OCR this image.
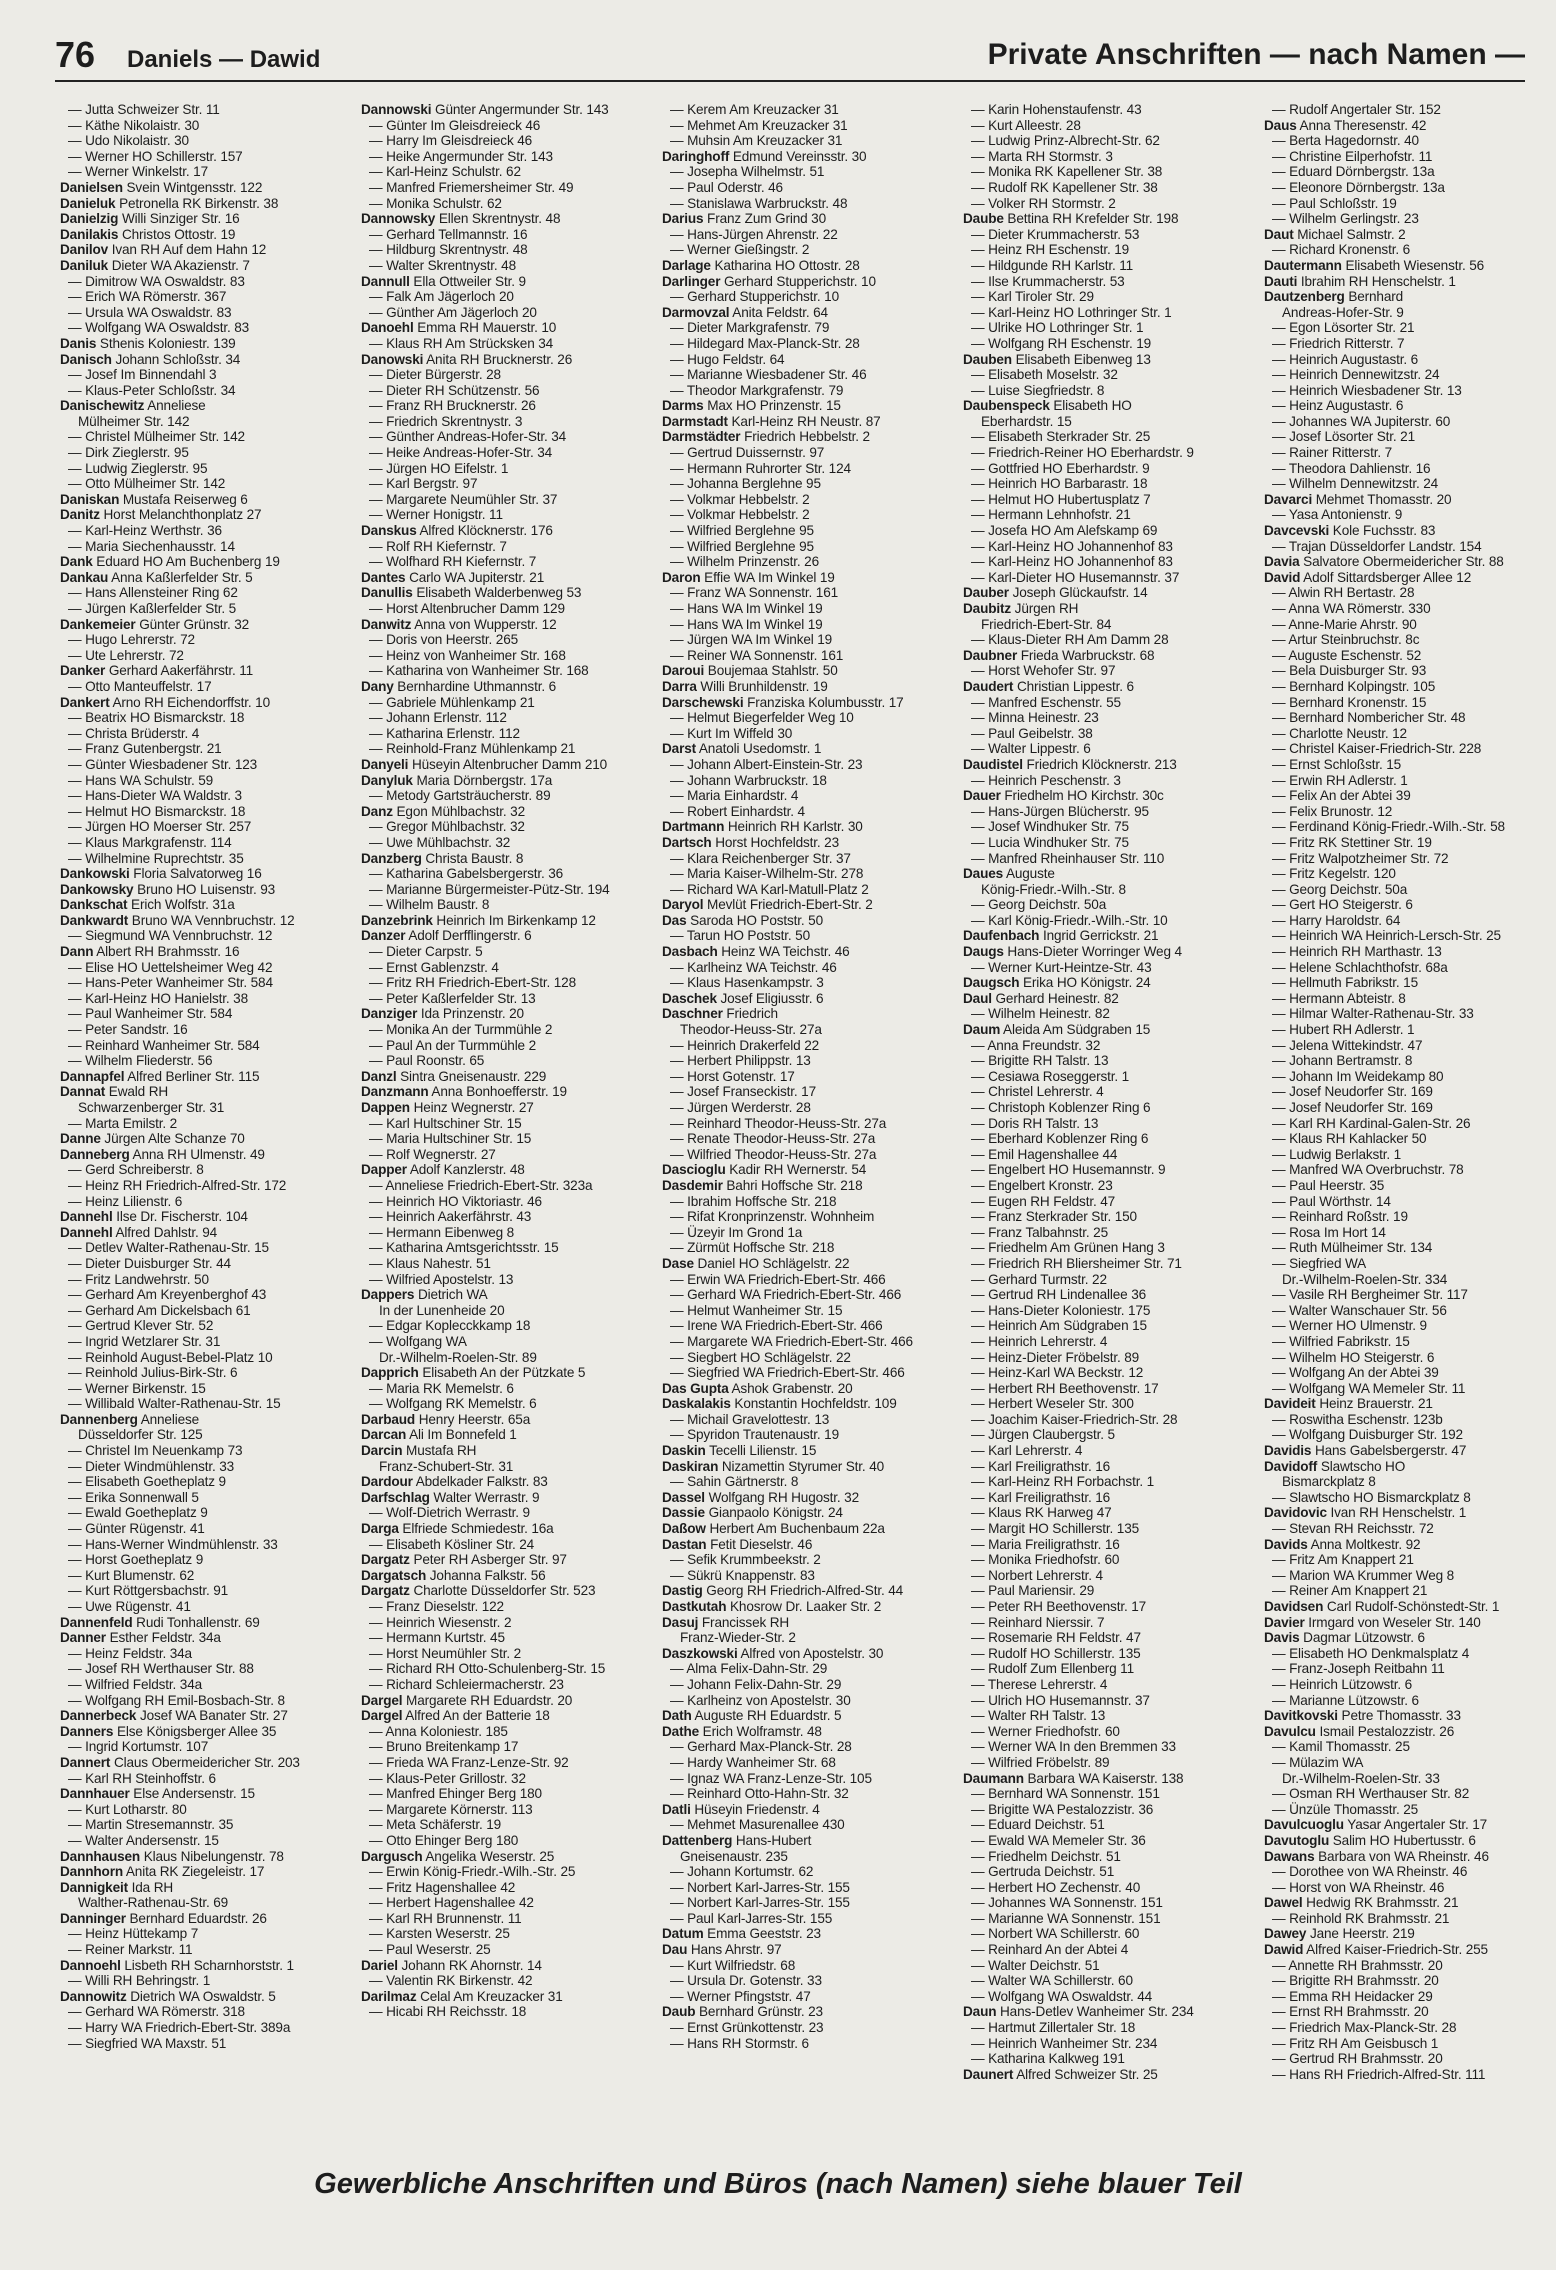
76 Daniels — Dawid	Private Anschriften — nach Namen —
— Jutta Schweizer Str. 11
— Käthe Nikolaistr. 30
— Udo Nikolaistr. 30
— Werner HO Schillerstr. 157
— Werner Winkelstr. 17
Danielsen Svein Wintgensstr. 122
Danieluk Petronella RK Birkenstr. 38
Danielzig Willi Sinziger Str. 16
Danilakis Christos Ottostr. 19
Danilov Ivan RH Auf dem Hahn 12
Daniluk Dieter WA Akazienstr. 7
— Dimitrow WA Oswaldstr. 83
— Erich WA Römerstr. 367
— Ursula WA Oswaldstr. 83
— Wolfgang WA Oswaldstr. 83
Danis Sthenis Koloniestr. 139
Danisch Johann Schloßstr. 34
— Josef Im Binnendahl 3
— Klaus-Peter Schloßstr. 34
Danischewitz Anneliese
Mülheimer Str. 142
— Christel Mülheimer Str. 142
— Dirk Zieglerstr. 95
— Ludwig Zieglerstr. 95
— Otto Mülheimer Str. 142
Daniskan Mustafa Reiserweg 6
Danitz Horst Melanchthonplatz 27
— Karl-Heinz Werthstr. 36
— Maria Siechenhausstr. 14
Dank Eduard HO Am Buchenberg 19
Dankau Anna Kaßlerfelder Str. 5
— Hans Allensteiner Ring 62
— Jürgen Kaßlerfelder Str. 5
Dankemeier Günter Grünstr. 32
— Hugo Lehrerstr. 72
— Ute Lehrerstr. 72
Danker Gerhard Aakerfährstr. 11
— Otto Manteuffelstr. 17
Dankert Arno RH Eichendorffstr. 10
— Beatrix HO Bismarckstr. 18
— Christa Brüderstr. 4
— Franz Gutenbergstr. 21
— Günter Wiesbadener Str. 123
— Hans WA Schulstr. 59
— Hans-Dieter WA Waldstr. 3
— Helmut HO Bismarckstr. 18
— Jürgen HO Moerser Str. 257
— Klaus Markgrafenstr. 114
— Wilhelmine Ruprechtstr. 35
Dankowski Floria Salvatorweg 16
Dankowsky Bruno HO Luisenstr. 93
Dankschat Erich Wolfstr. 31a
Dankwardt Bruno WA Vennbruchstr. 12
— Siegmund WA Vennbruchstr. 12
Dann Albert RH Brahmsstr. 16
— Elise HO Uettelsheimer Weg 42
— Hans-Peter Wanheimer Str. 584
— Karl-Heinz HO Hanielstr. 38
— Paul Wanheimer Str. 584
— Peter Sandstr. 16
— Reinhard Wanheimer Str. 584
— Wilhelm Fliederstr. 56
Dannapfel Alfred Berliner Str. 115
Dannat Ewald RH
Schwarzenberger Str. 31
— Marta Emilstr. 2
Danne Jürgen Alte Schanze 70
Danneberg Anna RH Ulmenstr. 49
— Gerd Schreiberstr. 8
— Heinz RH Friedrich-Alfred-Str. 172
— Heinz Lilienstr. 6
Dannehl Ilse Dr. Fischerstr. 104
Dannehl Alfred Dahlstr. 94
— Detlev Walter-Rathenau-Str. 15
— Dieter Duisburger Str. 44
— Fritz Landwehrstr. 50
— Gerhard Am Kreyenberghof 43
— Gerhard Am Dickelsbach 61
— Gertrud Klever Str. 52
— Ingrid Wetzlarer Str. 31
— Reinhold August-Bebel-Platz 10
— Reinhold Julius-Birk-Str. 6
— Werner Birkenstr. 15
— Willibald Walter-Rathenau-Str. 15
Dannenberg Anneliese
Düsseldorfer Str. 125
— Christel Im Neuenkamp 73
— Dieter Windmühlenstr. 33
— Elisabeth Goetheplatz 9
— Erika Sonnenwall 5
— Ewald Goetheplatz 9
— Günter Rügenstr. 41
— Hans-Werner Windmühlenstr. 33
— Horst Goetheplatz 9
— Kurt Blumenstr. 62
— Kurt Röttgersbachstr. 91
— Uwe Rügenstr. 41
Dannenfeld Rudi Tonhallenstr. 69
Danner Esther Feldstr. 34a
— Heinz Feldstr. 34a
— Josef RH Werthauser Str. 88
— Wilfried Feldstr. 34a
— Wolfgang RH Emil-Bosbach-Str. 8
Dannerbeck Josef WA Banater Str. 27
Danners Else Königsberger Allee 35
— Ingrid Kortumstr. 107
Dannert Claus Obermeidericher Str. 203
— Karl RH Steinhoffstr. 6
Dannhauer Else Andersenstr. 15
— Kurt Lotharstr. 80
— Martin Stresemannstr. 35
— Walter Andersenstr. 15
Dannhausen Klaus Nibelungenstr. 78
Dannhorn Anita RK Ziegeleistr. 17
Dannigkeit Ida RH
Walther-Rathenau-Str. 69
Danninger Bernhard Eduardstr. 26
— Heinz Hüttekamp 7
— Reiner Markstr. 11
Dannoehl Lisbeth RH Scharnhorststr. 1
— Willi RH Behringstr. 1
Dannowitz Dietrich WA Oswaldstr. 5
— Gerhard WA Römerstr. 318
— Harry WA Friedrich-Ebert-Str. 389a
— Siegfried WA Maxstr. 51
Dannowski Günter Angermunder Str. 143
— Günter Im Gleisdreieck 46
— Harry Im Gleisdreieck 46
— Heike Angermunder Str. 143
— Karl-Heinz Schulstr. 62
— Manfred Friemersheimer Str. 49
— Monika Schulstr. 62
Dannowsky Ellen Skrentnystr. 48
— Gerhard Tellmannstr. 16
— Hildburg Skrentnystr. 48
— Walter Skrentnystr. 48
Dannull Ella Ottweiler Str. 9
— Falk Am Jägerloch 20
— Günther Am Jägerloch 20
Danoehl Emma RH Mauerstr. 10
— Klaus RH Am Strücksken 34
Danowski Anita RH Brucknerstr. 26
— Dieter Bürgerstr. 28
— Dieter RH Schützenstr. 56
— Franz RH Brucknerstr. 26
— Friedrich Skrentnystr. 3
— Günther Andreas-Hofer-Str. 34
— Heike Andreas-Hofer-Str. 34
— Jürgen HO Eifelstr. 1
— Karl Bergstr. 97
— Margarete Neumühler Str. 37
— Werner Honigstr. 11
Danskus Alfred Klöcknerstr. 176
— Rolf RH Kiefernstr. 7
— Wolfhard RH Kiefernstr. 7
Dantes Carlo WA Jupiterstr. 21
Danullis Elisabeth Walderbenweg 53
— Horst Altenbrucher Damm 129
Danwitz Anna von Wupperstr. 12
— Doris von Heerstr. 265
— Heinz von Wanheimer Str. 168
— Katharina von Wanheimer Str. 168
Dany Bernhardine Uthmannstr. 6
— Gabriele Mühlenkamp 21
— Johann Erlenstr. 112
— Katharina Erlenstr. 112
— Reinhold-Franz Mühlenkamp 21
Danyeli Hüseyin Altenbrucher Damm 210
Danyluk Maria Dörnbergstr. 17a
— Metody Gartsträucherstr. 89
Danz Egon Mühlbachstr. 32
— Gregor Mühlbachstr. 32
— Uwe Mühlbachstr. 32
Danzberg Christa Baustr. 8
— Katharina Gabelsbergerstr. 36
— Marianne Bürgermeister-Pütz-Str. 194
— Wilhelm Baustr. 8
Danzebrink Heinrich Im Birkenkamp 12
Danzer Adolf Derfflingerstr. 6
— Dieter Carpstr. 5
— Ernst Gablenzstr. 4
— Fritz RH Friedrich-Ebert-Str. 128
— Peter Kaßlerfelder Str. 13
Danziger Ida Prinzenstr. 20
— Monika An der Turmmühle 2
— Paul An der Turmmühle 2
— Paul Roonstr. 65
Danzl Sintra Gneisenaustr. 229
Danzmann Anna Bonhoefferstr. 19
Dappen Heinz Wegnerstr. 27
— Karl Hultschiner Str. 15
— Maria Hultschiner Str. 15
— Rolf Wegnerstr. 27
Dapper Adolf Kanzlerstr. 48
— Anneliese Friedrich-Ebert-Str. 323a
— Heinrich HO Viktoriastr. 46
— Heinrich Aakerfährstr. 43
— Hermann Eibenweg 8
— Katharina Amtsgerichtsstr. 15
— Klaus Nahestr. 51
— Wilfried Apostelstr. 13
Dappers Dietrich WA
In der Lunenheide 20
— Edgar Koplecckkamp 18
— Wolfgang WA
Dr.-Wilhelm-Roelen-Str. 89
Dapprich Elisabeth An der Pützkate 5
— Maria RK Memelstr. 6
— Wolfgang RK Memelstr. 6
Darbaud Henry Heerstr. 65a
Darcan Ali Im Bonnefeld 1
Darcin Mustafa RH
Franz-Schubert-Str. 31
Dardour Abdelkader Falkstr. 83
Darfschlag Walter Werrastr. 9
— Wolf-Dietrich Werrastr. 9
Darga Elfriede Schmiedestr. 16a
— Elisabeth Kösliner Str. 24
Dargatz Peter RH Asberger Str. 97
Dargatsch Johanna Falkstr. 56
Dargatz Charlotte Düsseldorfer Str. 523
— Franz Dieselstr. 122
— Heinrich Wiesenstr. 2
— Hermann Kurtstr. 45
— Horst Neumühler Str. 2
— Richard RH Otto-Schulenberg-Str. 15
— Richard Schleiermacherstr. 23
Dargel Margarete RH Eduardstr. 20
Dargel Alfred An der Batterie 18
— Anna Koloniestr. 185
— Bruno Breitenkamp 17
— Frieda WA Franz-Lenze-Str. 92
— Klaus-Peter Grillostr. 32
— Manfred Ehinger Berg 180
— Margarete Körnerstr. 113
— Meta Schäferstr. 19
— Otto Ehinger Berg 180
Dargusch Angelika Weserstr. 25
— Erwin König-Friedr.-Wilh.-Str. 25
— Fritz Hagenshallee 42
— Herbert Hagenshallee 42
— Karl RH Brunnenstr. 11
— Karsten Weserstr. 25
— Paul Weserstr. 25
Dariel Johann RK Ahornstr. 14
— Valentin RK Birkenstr. 42
Darilmaz Celal Am Kreuzacker 31
— Hicabi RH Reichsstr. 18
— Kerem Am Kreuzacker 31
— Mehmet Am Kreuzacker 31
— Muhsin Am Kreuzacker 31
Daringhoff Edmund Vereinsstr. 30
— Josepha Wilhelmstr. 51
— Paul Oderstr. 46
— Stanislawa Warbruckstr. 48
Darius Franz Zum Grind 30
— Hans-Jürgen Ahrenstr. 22
— Werner Gießingstr. 2
Darlage Katharina HO Ottostr. 28
Darlinger Gerhard Stupperichstr. 10
— Gerhard Stupperichstr. 10
Darmovzal Anita Feldstr. 64
— Dieter Markgrafenstr. 79
— Hildegard Max-Planck-Str. 28
— Hugo Feldstr. 64
— Marianne Wiesbadener Str. 46
— Theodor Markgrafenstr. 79
Darms Max HO Prinzenstr. 15
Darmstadt Karl-Heinz RH Neustr. 87
Darmstädter Friedrich Hebbelstr. 2
— Gertrud Duissernstr. 97
— Hermann Ruhrorter Str. 124
— Johanna Berglehne 95
— Volkmar Hebbelstr. 2
— Volkmar Hebbelstr. 2
— Wilfried Berglehne 95
— Wilfried Berglehne 95
— Wilhelm Prinzenstr. 26
Daron Effie WA Im Winkel 19
— Franz WA Sonnenstr. 161
— Hans WA Im Winkel 19
— Hans WA Im Winkel 19
— Jürgen WA Im Winkel 19
— Reiner WA Sonnenstr. 161
Daroui Boujemaa Stahlstr. 50
Darra Willi Brunhildenstr. 19
Darschewski Franziska Kolumbusstr. 17
— Helmut Biegerfelder Weg 10
— Kurt Im Wiffeld 30
Darst Anatoli Usedomstr. 1
— Johann Albert-Einstein-Str. 23
— Johann Warbruckstr. 18
— Maria Einhardstr. 4
— Robert Einhardstr. 4
Dartmann Heinrich RH Karlstr. 30
Dartsch Horst Hochfeldstr. 23
— Klara Reichenberger Str. 37
— Maria Kaiser-Wilhelm-Str. 278
— Richard WA Karl-Matull-Platz 2
Daryol Mevlüt Friedrich-Ebert-Str. 2
Das Saroda HO Poststr. 50
— Tarun HO Poststr. 50
Dasbach Heinz WA Teichstr. 46
— Karlheinz WA Teichstr. 46
— Klaus Hasenkampstr. 3
Daschek Josef Eligiusstr. 6
Daschner Friedrich
Theodor-Heuss-Str. 27a
— Heinrich Drakerfeld 22
— Herbert Philippstr. 13
— Horst Gotenstr. 17
— Josef Franseckistr. 17
— Jürgen Werderstr. 28
— Reinhard Theodor-Heuss-Str. 27a
— Renate Theodor-Heuss-Str. 27a
— Wilfried Theodor-Heuss-Str. 27a
Dascioglu Kadir RH Wernerstr. 54
Dasdemir Bahri Hoffsche Str. 218
— Ibrahim Hoffsche Str. 218
— Rifat Kronprinzenstr. Wohnheim
— Üzeyir Im Grond 1a
— Zürmüt Hoffsche Str. 218
Dase Daniel HO Schlägelstr. 22
— Erwin WA Friedrich-Ebert-Str. 466
— Gerhard WA Friedrich-Ebert-Str. 466
— Helmut Wanheimer Str. 15
— Irene WA Friedrich-Ebert-Str. 466
— Margarete WA Friedrich-Ebert-Str. 466
— Siegbert HO Schlägelstr. 22
— Siegfried WA Friedrich-Ebert-Str. 466
Das Gupta Ashok Grabenstr. 20
Daskalakis Konstantin Hochfeldstr. 109
— Michail Gravelottestr. 13
— Spyridon Trautenaustr. 19
Daskin Tecelli Lilienstr. 15
Daskiran Nizamettin Styrumer Str. 40
— Sahin Gärtnerstr. 8
Dassel Wolfgang RH Hugostr. 32
Dassie Gianpaolo Königstr. 24
Daßow Herbert Am Buchenbaum 22a
Dastan Fetit Dieselstr. 46
— Sefik Krummbeekstr. 2
— Sükrü Knappenstr. 83
Dastig Georg RH Friedrich-Alfred-Str. 44
Dastkutah Khosrow Dr. Laaker Str. 2
Dasuj Francissek RH
Franz-Wieder-Str. 2
Daszkowski Alfred von Apostelstr. 30
— Alma Felix-Dahn-Str. 29
— Johann Felix-Dahn-Str. 29
— Karlheinz von Apostelstr. 30
Dath Auguste RH Eduardstr. 5
Dathe Erich Wolframstr. 48
— Gerhard Max-Planck-Str. 28
— Hardy Wanheimer Str. 68
— Ignaz WA Franz-Lenze-Str. 105
— Reinhard Otto-Hahn-Str. 32
Datli Hüseyin Friedenstr. 4
— Mehmet Masurenallee 430
Dattenberg Hans-Hubert
Gneisenaustr. 235
— Johann Kortumstr. 62
— Norbert Karl-Jarres-Str. 155
— Norbert Karl-Jarres-Str. 155
— Paul Karl-Jarres-Str. 155
Datum Emma Geeststr. 23
Dau Hans Ahrstr. 97
— Kurt Wilfriedstr. 68
— Ursula Dr. Gotenstr. 33
— Werner Pfingststr. 47
Daub Bernhard Grünstr. 23
— Ernst Grünkottenstr. 23
— Hans RH Stormstr. 6
— Karin Hohenstaufenstr. 43
— Kurt Alleestr. 28
— Ludwig Prinz-Albrecht-Str. 62
— Marta RH Stormstr. 3
— Monika RK Kapellener Str. 38
— Rudolf RK Kapellener Str. 38
— Volker RH Stormstr. 2
Daube Bettina RH Krefelder Str. 198
— Dieter Krummacherstr. 53
— Heinz RH Eschenstr. 19
— Hildgunde RH Karlstr. 11
— Ilse Krummacherstr. 53
— Karl Tiroler Str. 29
— Karl-Heinz HO Lothringer Str. 1
— Ulrike HO Lothringer Str. 1
— Wolfgang RH Eschenstr. 19
Dauben Elisabeth Eibenweg 13
— Elisabeth Moselstr. 32
— Luise Siegfriedstr. 8
Daubenspeck Elisabeth HO
Eberhardstr. 15
— Elisabeth Sterkrader Str. 25
— Friedrich-Reiner HO Eberhardstr. 9
— Gottfried HO Eberhardstr. 9
— Heinrich HO Barbarastr. 18
— Helmut HO Hubertusplatz 7
— Hermann Lehnhofstr. 21
— Josefa HO Am Alefskamp 69
— Karl-Heinz HO Johannenhof 83
— Karl-Heinz HO Johannenhof 83
— Karl-Dieter HO Husemannstr. 37
Dauber Joseph Glückaufstr. 14
Daubitz Jürgen RH
Friedrich-Ebert-Str. 84
— Klaus-Dieter RH Am Damm 28
Daubner Frieda Warbruckstr. 68
— Horst Wehofer Str. 97
Daudert Christian Lippestr. 6
— Manfred Eschenstr. 55
— Minna Heinestr. 23
— Paul Geibelstr. 38
— Walter Lippestr. 6
Daudistel Friedrich Klöcknerstr. 213
— Heinrich Peschenstr. 3
Dauer Friedhelm HO Kirchstr. 30c
— Hans-Jürgen Blücherstr. 95
— Josef Windhuker Str. 75
— Lucia Windhuker Str. 75
— Manfred Rheinhauser Str. 110
Daues Auguste
König-Friedr.-Wilh.-Str. 8
— Georg Deichstr. 50a
— Karl König-Friedr.-Wilh.-Str. 10
Daufenbach Ingrid Gerrickstr. 21
Daugs Hans-Dieter Worringer Weg 4
— Werner Kurt-Heintze-Str. 43
Daugsch Erika HO Königstr. 24
Daul Gerhard Heinestr. 82
— Wilhelm Heinestr. 82
Daum Aleida Am Südgraben 15
— Anna Freundstr. 32
— Brigitte RH Talstr. 13
— Cesiawa Roseggerstr. 1
— Christel Lehrerstr. 4
— Christoph Koblenzer Ring 6
— Doris RH Talstr. 13
— Eberhard Koblenzer Ring 6
— Emil Hagenshallee 44
— Engelbert HO Husemannstr. 9
— Engelbert Kronstr. 23
— Eugen RH Feldstr. 47
— Franz Sterkrader Str. 150
— Franz Talbahnstr. 25
— Friedhelm Am Grünen Hang 3
— Friedrich RH Bliersheimer Str. 71
— Gerhard Turmstr. 22
— Gertrud RH Lindenallee 36
— Hans-Dieter Koloniestr. 175
— Heinrich Am Südgraben 15
— Heinrich Lehrerstr. 4
— Heinz-Dieter Fröbelstr. 89
— Heinz-Karl WA Beckstr. 12
— Herbert RH Beethovenstr. 17
— Herbert Weseler Str. 300
— Joachim Kaiser-Friedrich-Str. 28
— Jürgen Claubergstr. 5
— Karl Lehrerstr. 4
— Karl Freiligrathstr. 16
— Karl-Heinz RH Forbachstr. 1
— Karl Freiligrathstr. 16
— Klaus RK Harweg 47
— Margit HO Schillerstr. 135
— Maria Freiligrathstr. 16
— Monika Friedhofstr. 60
— Norbert Lehrerstr. 4
— Paul Mariensir. 29
— Peter RH Beethovenstr. 17
— Reinhard Nierssir. 7
— Rosemarie RH Feldstr. 47
— Rudolf HO Schillerstr. 135
— Rudolf Zum Ellenberg 11
— Therese Lehrerstr. 4
— Ulrich HO Husemannstr. 37
— Walter RH Talstr. 13
— Werner Friedhofstr. 60
— Werner WA In den Bremmen 33
— Wilfried Fröbelstr. 89
Daumann Barbara WA Kaiserstr. 138
— Bernhard WA Sonnenstr. 151
— Brigitte WA Pestalozzistr. 36
— Eduard Deichstr. 51
— Ewald WA Memeler Str. 36
— Friedhelm Deichstr. 51
— Gertruda Deichstr. 51
— Herbert HO Zechenstr. 40
— Johannes WA Sonnenstr. 151
— Marianne WA Sonnenstr. 151
— Norbert WA Schillerstr. 60
— Reinhard An der Abtei 4
— Walter Deichstr. 51
— Walter WA Schillerstr. 60
— Wolfgang WA Oswaldstr. 44
Daun Hans-Detlev Wanheimer Str. 234
— Hartmut Zillertaler Str. 18
— Heinrich Wanheimer Str. 234
— Katharina Kalkweg 191
Daunert Alfred Schweizer Str. 25
— Rudolf Angertaler Str. 152
Daus Anna Theresenstr. 42
— Berta Hagedornstr. 40
— Christine Eilperhofstr. 11
— Eduard Dörnbergstr. 13a
— Eleonore Dörnbergstr. 13a
— Paul Schloßstr. 19
— Wilhelm Gerlingstr. 23
Daut Michael Salmstr. 2
— Richard Kronenstr. 6
Dautermann Elisabeth Wiesenstr. 56
Dauti Ibrahim RH Henschelstr. 1
Dautzenberg Bernhard
Andreas-Hofer-Str. 9
— Egon Lösorter Str. 21
— Friedrich Ritterstr. 7
— Heinrich Augustastr. 6
— Heinrich Dennewitzstr. 24
— Heinrich Wiesbadener Str. 13
— Heinz Augustastr. 6
— Johannes WA Jupiterstr. 60
— Josef Lösorter Str. 21
— Rainer Ritterstr. 7
— Theodora Dahlienstr. 16
— Wilhelm Dennewitzstr. 24
Davarci Mehmet Thomasstr. 20
— Yasa Antonienstr. 9
Davcevski Kole Fuchsstr. 83
— Trajan Düsseldorfer Landstr. 154
Davia Salvatore Obermeidericher Str. 88
David Adolf Sittardsberger Allee 12
— Alwin RH Bertastr. 28
— Anna WA Römerstr. 330
— Anne-Marie Ahrstr. 90
— Artur Steinbruchstr. 8c
— Auguste Eschenstr. 52
— Bela Duisburger Str. 93
— Bernhard Kolpingstr. 105
— Bernhard Kronenstr. 15
— Bernhard Nombericher Str. 48
— Charlotte Neustr. 12
— Christel Kaiser-Friedrich-Str. 228
— Ernst Schloßstr. 15
— Erwin RH Adlerstr. 1
— Felix An der Abtei 39
— Felix Brunostr. 12
— Ferdinand König-Friedr.-Wilh.-Str. 58
— Fritz RK Stettiner Str. 19
— Fritz Walpotzheimer Str. 72
— Fritz Kegelstr. 120
— Georg Deichstr. 50a
— Gert HO Steigerstr. 6
— Harry Haroldstr. 64
— Heinrich WA Heinrich-Lersch-Str. 25
— Heinrich RH Marthastr. 13
— Helene Schlachthofstr. 68a
— Hellmuth Fabrikstr. 15
— Hermann Abteistr. 8
— Hilmar Walter-Rathenau-Str. 33
— Hubert RH Adlerstr. 1
— Jelena Wittekindstr. 47
— Johann Bertramstr. 8
— Johann Im Weidekamp 80
— Josef Neudorfer Str. 169
— Josef Neudorfer Str. 169
— Karl RH Kardinal-Galen-Str. 26
— Klaus RH Kahlacker 50
— Ludwig Berlakstr. 1
— Manfred WA Overbruchstr. 78
— Paul Heerstr. 35
— Paul Wörthstr. 14
— Reinhard Roßstr. 19
— Rosa Im Hort 14
— Ruth Mülheimer Str. 134
— Siegfried WA
Dr.-Wilhelm-Roelen-Str. 334
— Vasile RH Bergheimer Str. 117
— Walter Wanschauer Str. 56
— Werner HO Ulmenstr. 9
— Wilfried Fabrikstr. 15
— Wilhelm HO Steigerstr. 6
— Wolfgang An der Abtei 39
— Wolfgang WA Memeler Str. 11
Davideit Heinz Brauerstr. 21
— Roswitha Eschenstr. 123b
— Wolfgang Duisburger Str. 192
Davidis Hans Gabelsbergerstr. 47
Davidoff Slawtscho HO
Bismarckplatz 8
— Slawtscho HO Bismarckplatz 8
Davidovic Ivan RH Henschelstr. 1
— Stevan RH Reichsstr. 72
Davids Anna Moltkestr. 92
— Fritz Am Knappert 21
— Marion WA Krummer Weg 8
— Reiner Am Knappert 21
Davidsen Carl Rudolf-Schönstedt-Str. 1
Davier Irmgard von Weseler Str. 140
Davis Dagmar Lützowstr. 6
— Elisabeth HO Denkmalsplatz 4
— Franz-Joseph Reitbahn 11
— Heinrich Lützowstr. 6
— Marianne Lützowstr. 6
Davitkovski Petre Thomasstr. 33
Davulcu Ismail Pestalozzistr. 26
— Kamil Thomasstr. 25
— Mülazim WA
Dr.-Wilhelm-Roelen-Str. 33
— Osman RH Werthauser Str. 82
— Ünzüle Thomasstr. 25
Davulcuoglu Yasar Angertaler Str. 17
Davutoglu Salim HO Hubertusstr. 6
Dawans Barbara von WA Rheinstr. 46
— Dorothee von WA Rheinstr. 46
— Horst von WA Rheinstr. 46
Dawel Hedwig RK Brahmsstr. 21
— Reinhold RK Brahmsstr. 21
Dawey Jane Heerstr. 219
Dawid Alfred Kaiser-Friedrich-Str. 255
— Annette RH Brahmsstr. 20
— Brigitte RH Brahmsstr. 20
— Emma RH Heidacker 29
— Ernst RH Brahmsstr. 20
— Friedrich Max-Planck-Str. 28
— Fritz RH Am Geisbusch 1
— Gertrud RH Brahmsstr. 20
— Hans RH Friedrich-Alfred-Str. 111
Gewerbliche Anschriften und Büros (nach Namen) siehe blauer Teil
